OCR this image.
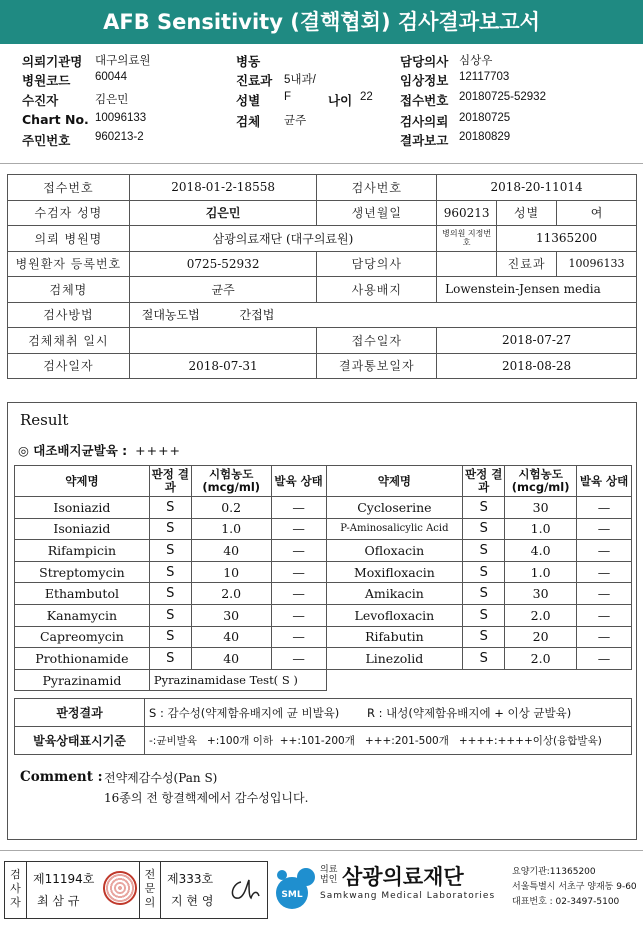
AFB Sensitivity (결핵협회) 검사결과보고서
의뢰기관명 대구의료원	병동	담당의사 심상우
병원코드 60044	진료과 5내과/	임상정보 12117703
수진자	김은민	성별 F	나이 22 접수번호 20180725-52932
Chart No. 10096133	검체 균주	검사의뢰 20180725
주민번호 960213-2	결과보고 20180829
접수번호	2018-01-2-18558	검사번호	2018-20-11014		
수검자 성명	김은민	생년월일	960213	성별	여
의뢰 병원명	삼광의료재단 (대구의료원)		병의원 지정번호	11365200	
병원환자 등록번호	0725-52932	담당의사		진료과	10096133
검체명	균주	사용배지	Lowenstein-Jensen media		
검사방법	절대농도법 간접법				
검체채취 일시		접수일자	2018-07-27		
검사일자	2018-07-31	결과통보일자	2018-08-28		
Result
◎ 대조배지균발육 : ++++
약제명	판정 결과	시험농도 (mcg/ml)	발육 상태	약제명	판정 결과	시험농도 (mcg/ml)	발육 상태
Isoniazid	S	0.2	—	Cycloserine	S	30	—
Isoniazid	S	1.0	—	P-Aminosalicylic Acid	S	1.0	—
Rifampicin	S	40	—	Ofloxacin	S	4.0	—
Streptomycin	S	10	—	Moxifloxacin	S	1.0	—
Ethambutol	S	2.0	—	Amikacin	S	30	—
Kanamycin	S	30	—	Levofloxacin	S	2.0	—
Capreomycin	S	40	—	Rifabutin	S	20	—
Prothionamide	S	40	—	Linezolid	S	2.0	—
Pyrazinamid	Pyrazinamidase Test( S )						
판정결과	S : 감수성(약제함유배지에 균 비발육) R : 내성(약제함유배지에 + 이상 균발육)
발육상태표시기준	-:균비발육   +:100개 이하  ++:101-200개   +++:201-500개   ++++:++++이상(융합발육)
Comment : 전약제감수성(Pan S)
16종의 전 항결핵제에서 감수성입니다.
검사자
제11194호
최 삼 규
전문의
제333호
지 현 영	SML
의료법인 삼광의료재단
Samkwang Medical Laboratories
요양기관:11365200
서울특별시 서초구 양재동 9-60
대표번호 : 02-3497-5100
